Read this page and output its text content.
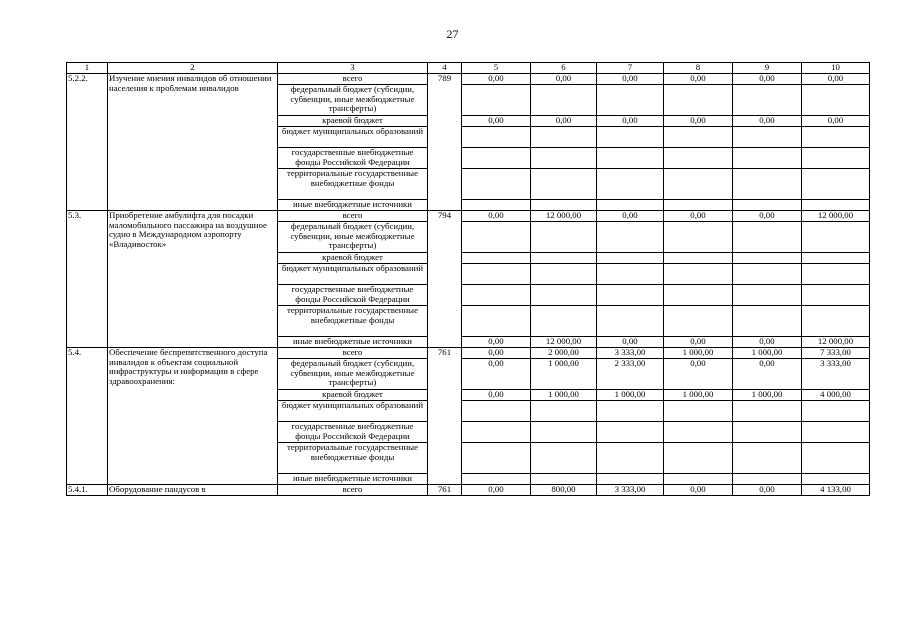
27
1	2	3	4	5	6	7	8	9	10
5.2.2.	Изучение мнения инвалидов об отношении населения к проблемам инвалидов	всего	789	0,00	0,00	0,00	0,00	0,00	0,00
		федеральный бюджет (субсидии, субвенции, иные межбюджетные трансферты)							
		краевой бюджет		0,00	0,00	0,00	0,00	0,00	0,00
		бюджет муниципальных образований							
		государственные внебюджетные фонды Российской Федерации							
		территориальные государственные внебюджетные фонды							
		иные внебюджетные источники							
5.3.	Приобретение амбулифта для посадки маломобильного пассажира на воздушное судно в Международном аэропорту «Владивосток»	всего	794	0,00	12 000,00	0,00	0,00	0,00	12 000,00
		федеральный бюджет (субсидии, субвенции, иные межбюджетные трансферты)							
		краевой бюджет							
		бюджет муниципальных образований							
		государственные внебюджетные фонды Российской Федерации							
		территориальные государственные внебюджетные фонды							
		иные внебюджетные источники		0,00	12 000,00	0,00	0,00	0,00	12 000,00
5.4.	Обеспечение беспрепятственного доступа инвалидов к объектам социальной инфраструктуры и информации в сфере здравоохранения:	всего	761	0,00	2 000,00	3 333,00	1 000,00	1 000,00	7 333,00
		федеральный бюджет (субсидии, субвенции, иные межбюджетные трансферты)		0,00	1 000,00	2 333,00	0,00	0,00	3 333,00
		краевой бюджет		0,00	1 000,00	1 000,00	1 000,00	1 000,00	4 000,00
		бюджет муниципальных образований							
		государственные внебюджетные фонды Российской Федерации							
		территориальные государственные внебюджетные фонды							
		иные внебюджетные источники							
5.4.1.	Оборудование пандусов в	всего	761	0,00	800,00	3 333,00	0,00	0,00	4 133,00
